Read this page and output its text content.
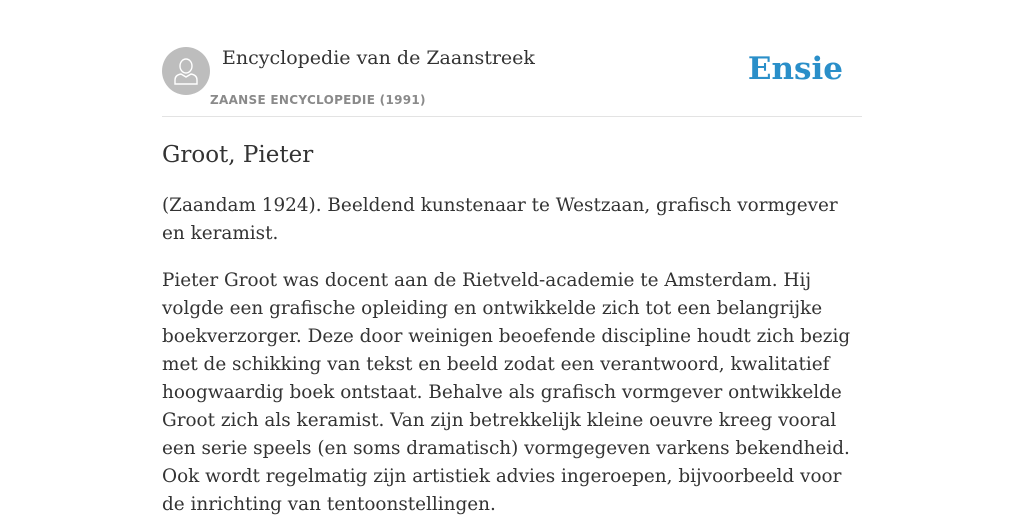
Encyclopedie van de Zaanstreek
ZAANSE ENCYCLOPEDIE (1991)
Ensie
Groot, Pieter

(Zaandam 1924). Beeldend kunstenaar te Westzaan, grafisch vormgever en keramist.

Pieter Groot was docent aan de Rietveld-academie te Amsterdam. Hij volgde een grafische opleiding en ontwikkelde zich tot een belangrijke boekverzorger. Deze door weinigen beoefende discipline houdt zich bezig met de schikking van tekst en beeld zodat een verantwoord, kwalitatief hoogwaardig boek ontstaat. Behalve als grafisch vormgever ontwikkelde Groot zich als keramist. Van zijn betrekkelijk kleine oeuvre kreeg vooral een serie speels (en soms dramatisch) vormgegeven varkens bekendheid. Ook wordt regelmatig zijn artistiek advies ingeroepen, bijvoorbeeld voor de inrichting van tentoonstellingen.
